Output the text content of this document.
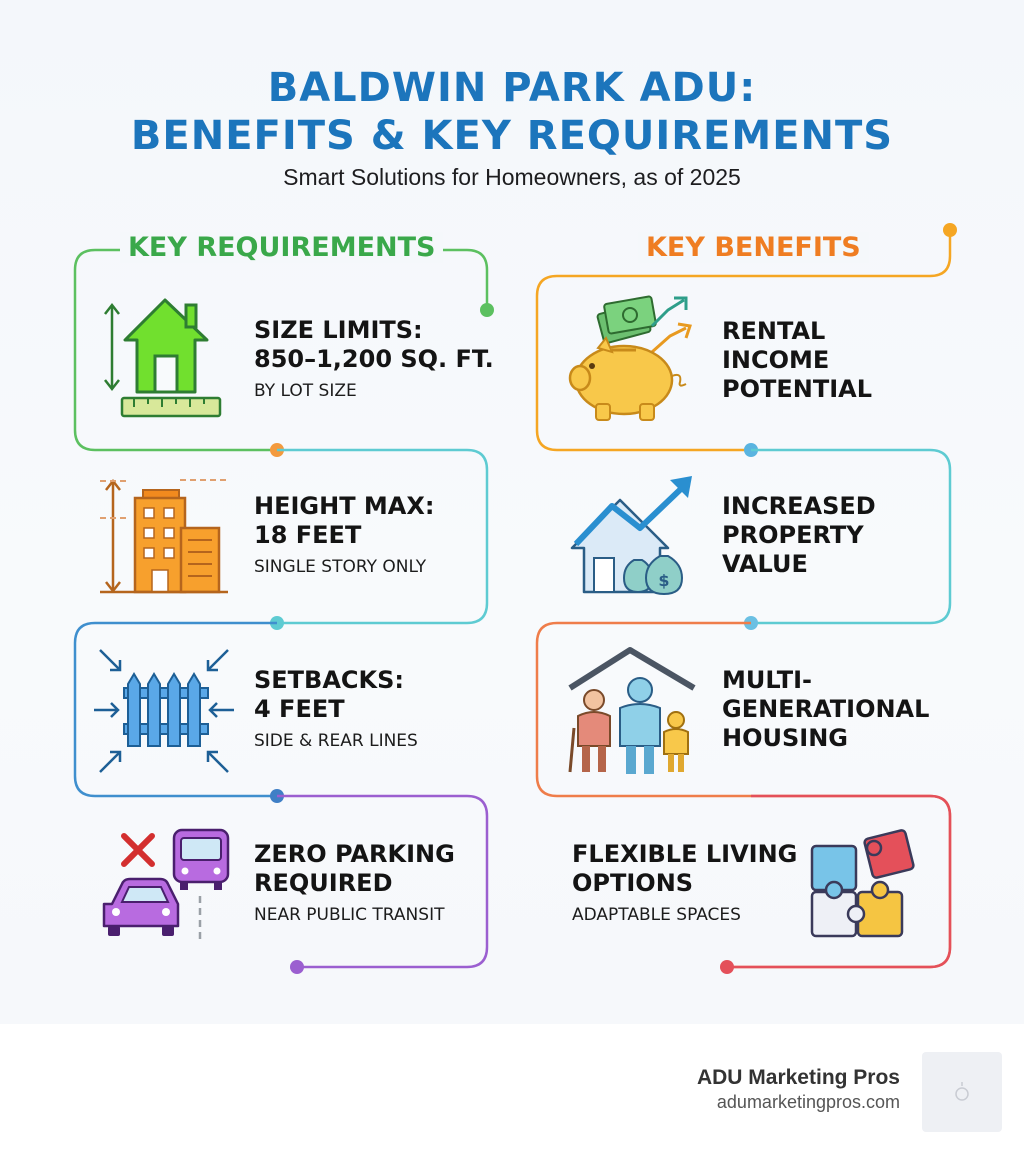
BALDWIN PARK ADU:
BENEFITS & KEY REQUIREMENTS
Smart Solutions for Homeowners, as of 2025
$
KEY REQUIREMENTS	KEY BENEFITS
SIZE LIMITS:
850–1,200 SQ. FT.
BY LOT SIZE
HEIGHT MAX:
18 FEET
SINGLE STORY ONLY
SETBACKS:
4 FEET
SIDE & REAR LINES
ZERO PARKING
REQUIRED
NEAR PUBLIC TRANSIT
RENTAL
INCOME
POTENTIAL
INCREASED
PROPERTY
VALUE
MULTI-
GENERATIONAL
HOUSING
FLEXIBLE LIVING
OPTIONS
ADAPTABLE SPACES
ADU Marketing Pros
adumarketingpros.com
